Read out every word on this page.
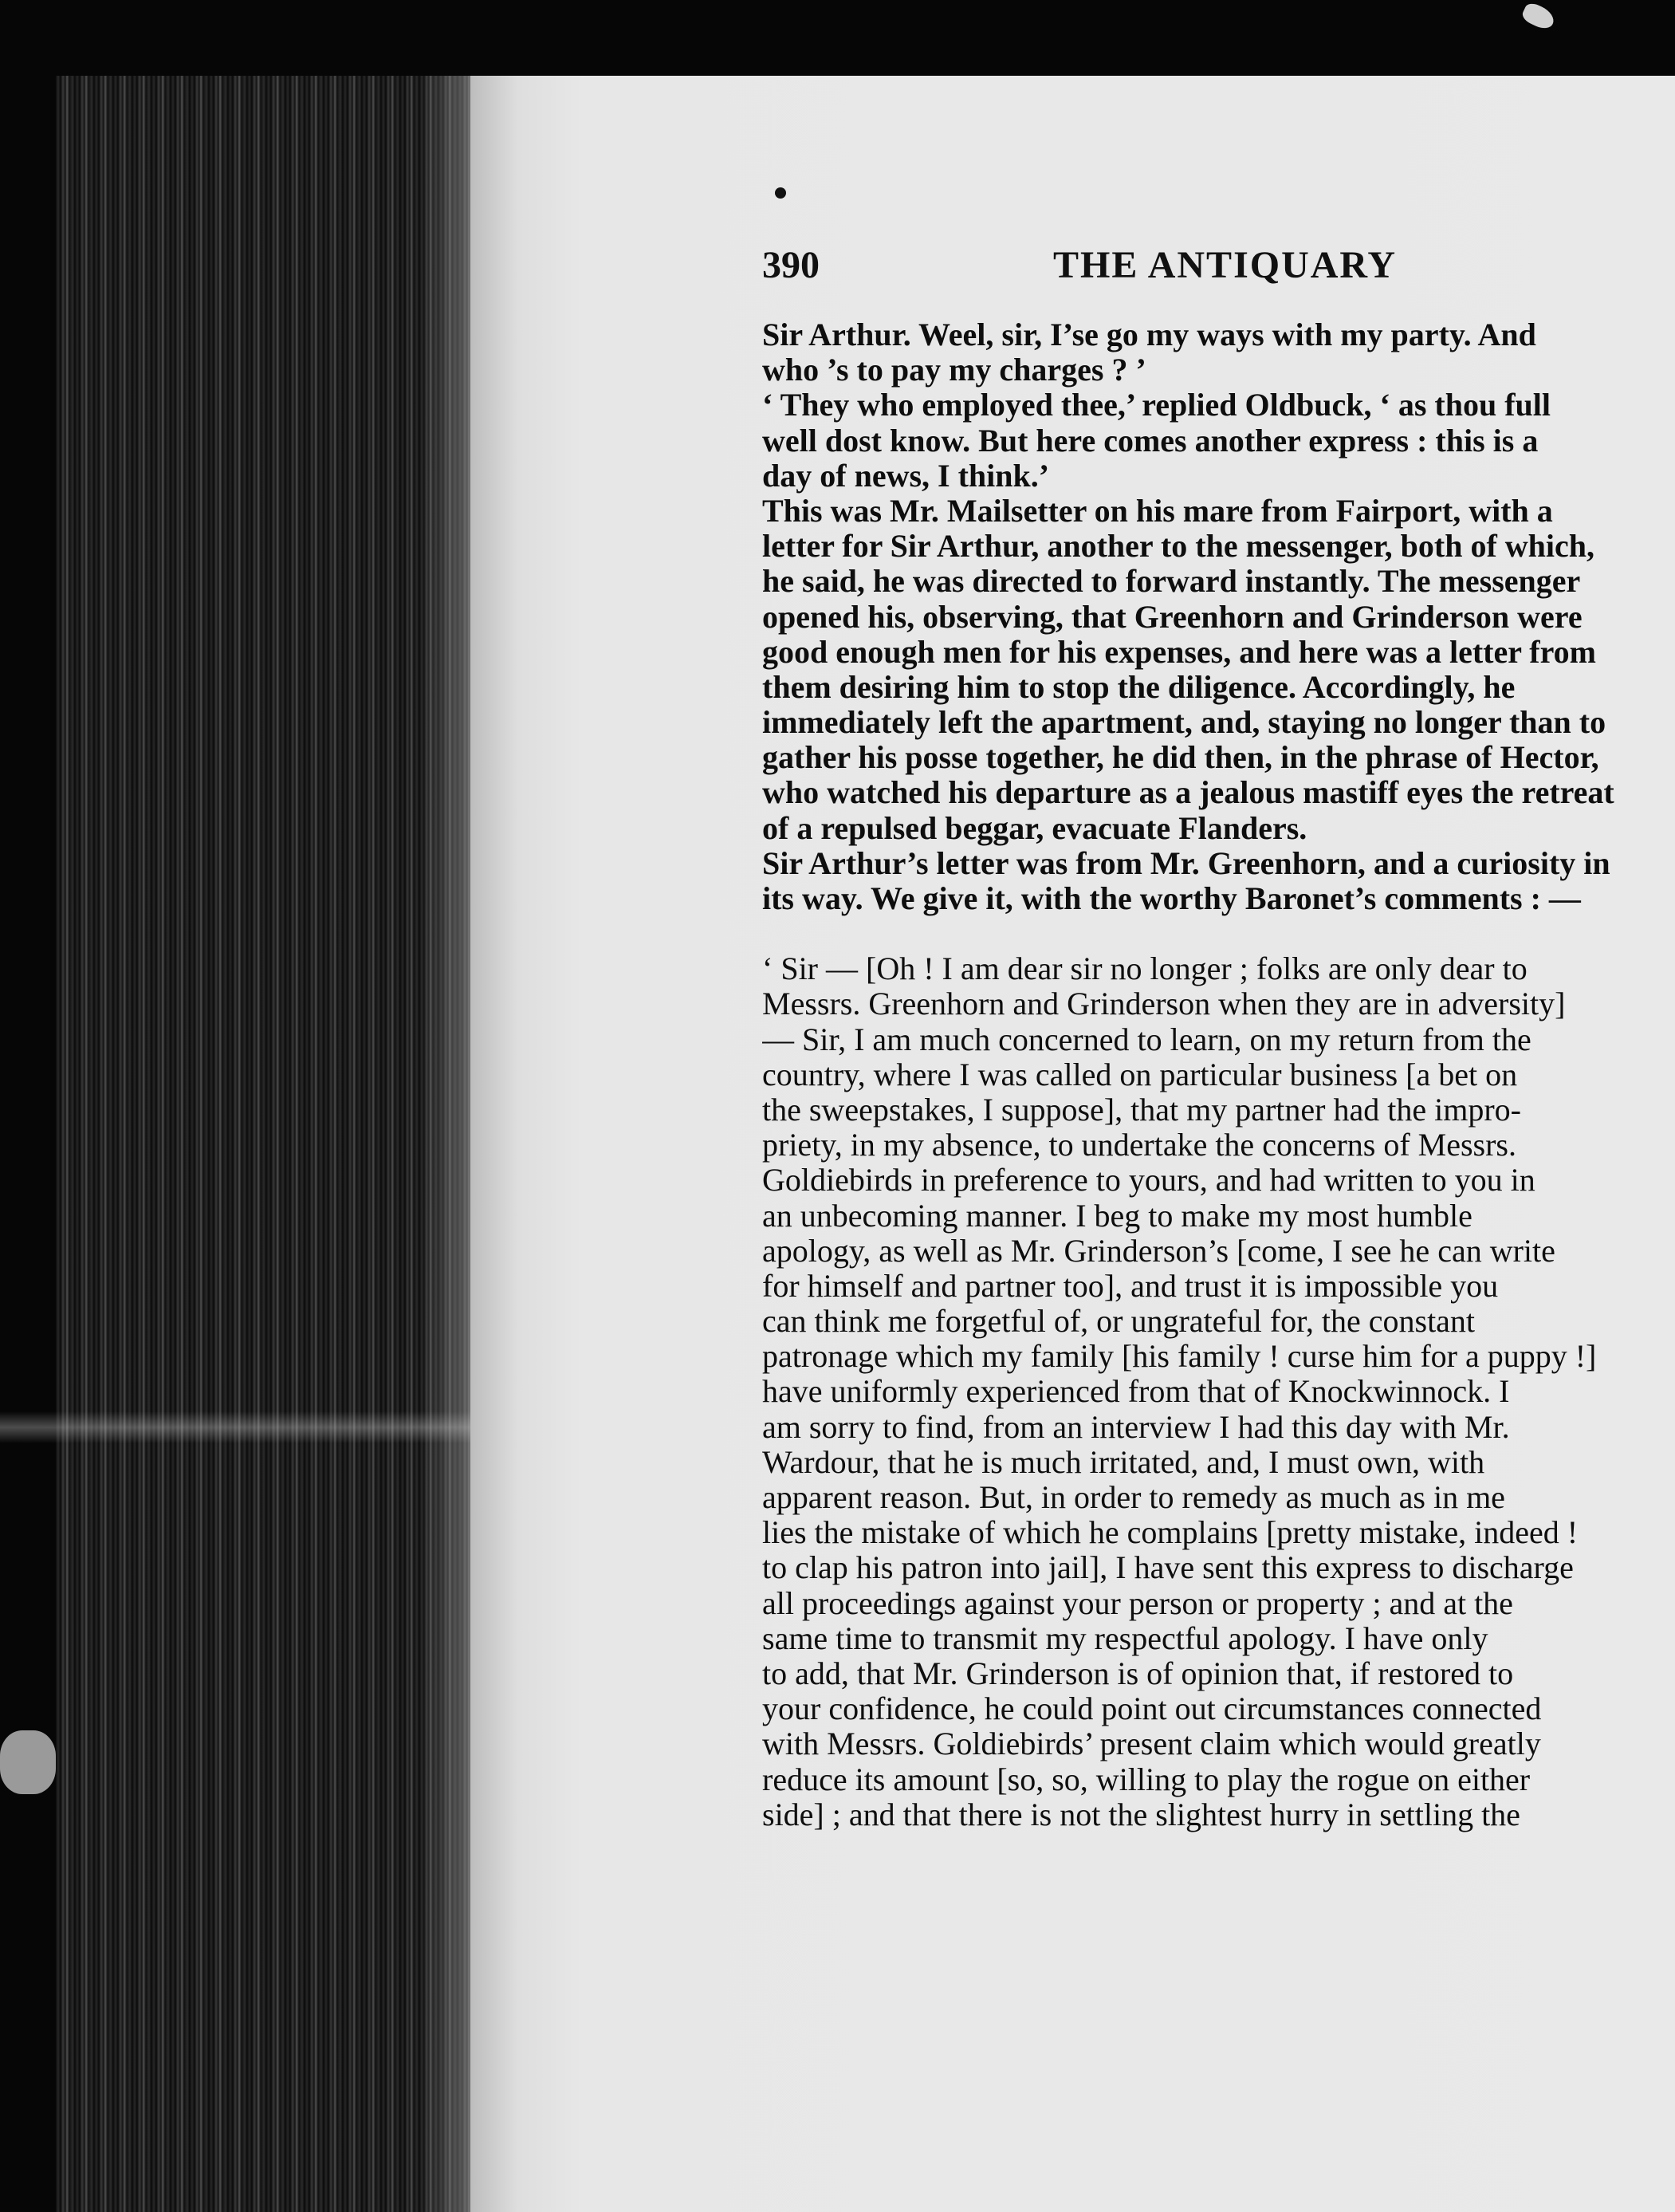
390	THE ANTIQUARY
Sir Arthur. Weel, sir, I’se go my ways with my party. And
who ’s to pay my charges ? ’
‘ They who employed thee,’ replied Oldbuck, ‘ as thou full
well dost know. But here comes another express : this is a
day of news, I think.’
This was Mr. Mailsetter on his mare from Fairport, with a
letter for Sir Arthur, another to the messenger, both of which,
he said, he was directed to forward instantly. The messenger
opened his, observing, that Greenhorn and Grinderson were
good enough men for his expenses, and here was a letter from
them desiring him to stop the diligence. Accordingly, he
immediately left the apartment, and, staying no longer than to
gather his posse together, he did then, in the phrase of Hector,
who watched his departure as a jealous mastiff eyes the retreat
of a repulsed beggar, evacuate Flanders.
Sir Arthur’s letter was from Mr. Greenhorn, and a curiosity in
its way. We give it, with the worthy Baronet’s comments : —
‘ Sir — [Oh ! I am dear sir no longer ; folks are only dear to
Messrs. Greenhorn and Grinderson when they are in adversity]
— Sir, I am much concerned to learn, on my return from the
country, where I was called on particular business [a bet on
the sweepstakes, I suppose], that my partner had the impro-
priety, in my absence, to undertake the concerns of Messrs.
Goldiebirds in preference to yours, and had written to you in
an unbecoming manner. I beg to make my most humble
apology, as well as Mr. Grinderson’s [come, I see he can write
for himself and partner too], and trust it is impossible you
can think me forgetful of, or ungrateful for, the constant
patronage which my family [his family ! curse him for a puppy !]
have uniformly experienced from that of Knockwinnock. I
am sorry to find, from an interview I had this day with Mr.
Wardour, that he is much irritated, and, I must own, with
apparent reason. But, in order to remedy as much as in me
lies the mistake of which he complains [pretty mistake, indeed !
to clap his patron into jail], I have sent this express to discharge
all proceedings against your person or property ; and at the
same time to transmit my respectful apology. I have only
to add, that Mr. Grinderson is of opinion that, if restored to
your confidence, he could point out circumstances connected
with Messrs. Goldiebirds’ present claim which would greatly
reduce its amount [so, so, willing to play the rogue on either
side] ; and that there is not the slightest hurry in settling the
